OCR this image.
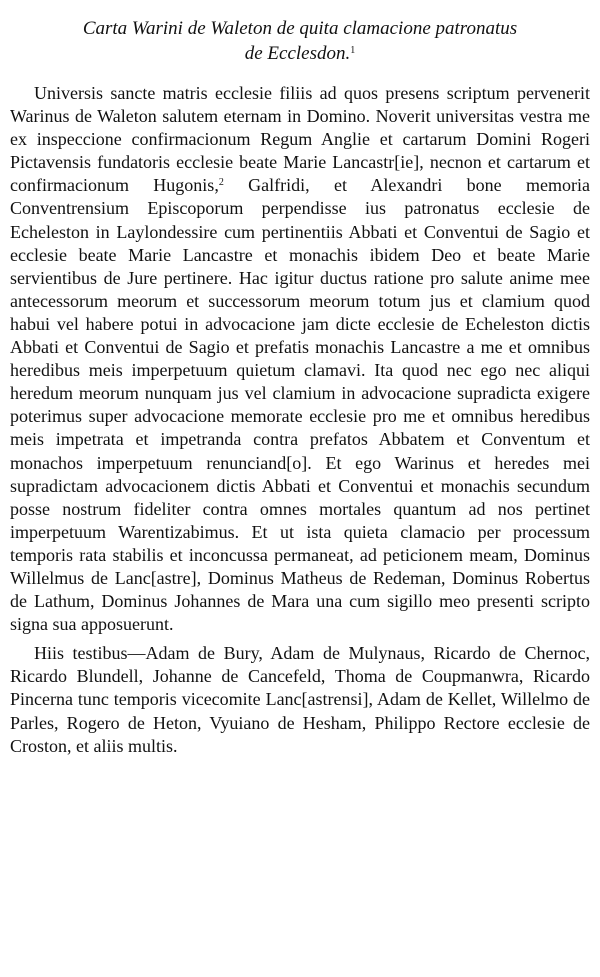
Carta Warini de Waleton de quita clamacione patronatus
de Ecclesdon.$^1$

Universis sancte matris ecclesie filiis ad quos presens scriptum pervenerit Warinus de Waleton salutem eternam in Domino. Noverit universitas vestra me ex inspeccione confirmacionum Regum Anglie et cartarum Domini Rogeri Pictavensis fundatoris ecclesie beate Marie Lancastr[ie], necnon et cartarum et confirmacionum Hugonis,$^2$ Galfridi, et Alexandri bone memoria Conventrensium Episcoporum perpendisse ius patronatus ecclesie de Echeleston in Laylondessire cum pertinentiis Abbati et Conventui de Sagio et ecclesie beate Marie Lancastre et monachis ibidem Deo et beate Marie servientibus de Jure pertinere. Hac igitur ductus ratione pro salute anime mee antecessorum meorum et successorum meorum totum jus et clamium quod habui vel habere potui in advocacione jam dicte ecclesie de Echeleston dictis Abbati et Conventui de Sagio et prefatis monachis Lancastre a me et omnibus heredibus meis imperpetuum quietum clamavi. Ita quod nec ego nec aliqui heredum meorum nunquam jus vel clamium in advocacione supradicta exigere poterimus super advocacione memorate ecclesie pro me et omnibus heredibus meis impetrata et impetranda contra prefatos Abbatem et Conventum et monachos imperpetuum renunciand[o]. Et ego Warinus et heredes mei supradictam advocacionem dictis Abbati et Conventui et monachis secundum posse nostrum fideliter contra omnes mortales quantum ad nos pertinet imperpetuum Warentizabimus. Et ut ista quieta clamacio per processum temporis rata stabilis et inconcussa permaneat, ad peticionem meam, Dominus Willelmus de Lanc[astre], Dominus Matheus de Redeman, Dominus Robertus de Lathum, Dominus Johannes de Mara una cum sigillo meo presenti scripto signa sua apposuerunt.

Hiis testibus—Adam de Bury, Adam de Mulynaus, Ricardo de Chernoc, Ricardo Blundell, Johanne de Cancefeld, Thoma de Coupmanwra, Ricardo Pincerna tunc temporis vicecomite Lanc[astrensi], Adam de Kellet, Willelmo de Parles, Rogero de Heton, Vyuiano de Hesham, Philippo Rectore ecclesie de Croston, et aliis multis.
